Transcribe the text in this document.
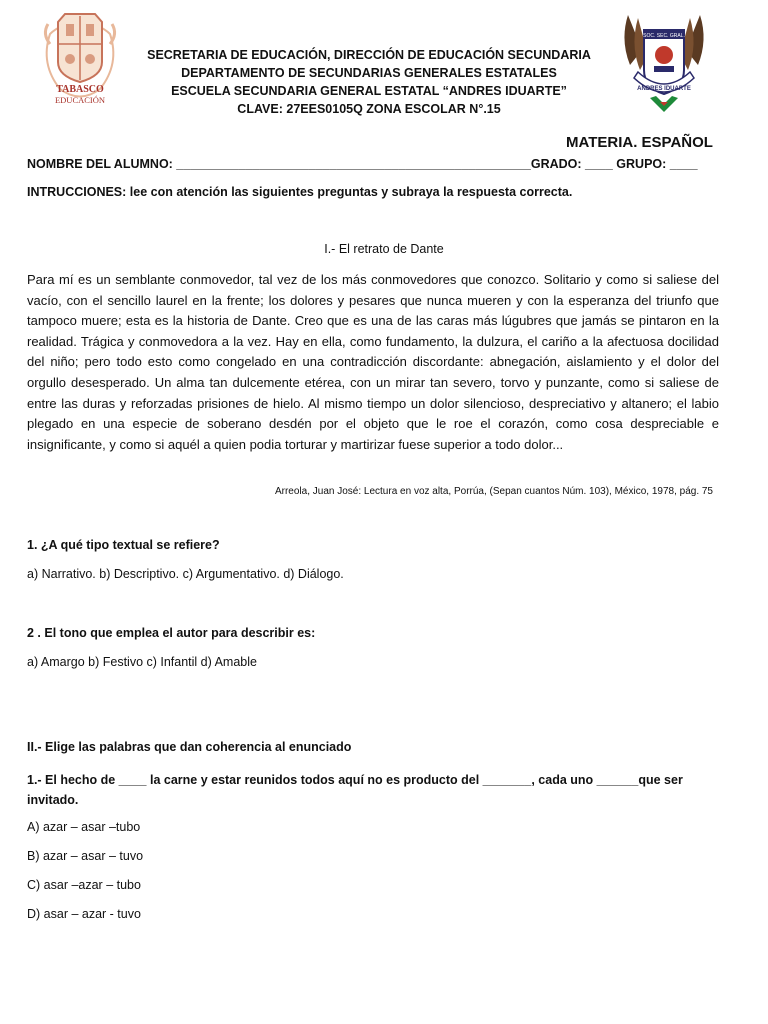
TABASCO
EDUCACIÓN
SOC. SEC. GRAL.
ANDRES IDUARTE
SECRETARIA DE EDUCACIÓN, DIRECCIÓN DE EDUCACIÓN SECUNDARIA
DEPARTAMENTO DE SECUNDARIAS GENERALES ESTATALES
ESCUELA SECUNDARIA GENERAL ESTATAL “ANDRES IDUARTE”
CLAVE: 27EES0105Q ZONA ESCOLAR N°.15
MATERIA. ESPAÑOL
NOMBRE DEL ALUMNO: ___________________________________________________GRADO: ____ GRUPO: ____
INTRUCCIONES: lee con atención las siguientes preguntas y subraya la respuesta correcta.
I.- El retrato de Dante
Para mí es un semblante conmovedor, tal vez de los más conmovedores que conozco. Solitario y como si saliese del vacío, con el sencillo laurel en la frente; los dolores y pesares que nunca mueren y con la esperanza del triunfo que tampoco muere; esta es la historia de Dante. Creo que es una de las caras más lúgubres que jamás se pintaron en la realidad. Trágica y conmovedora a la vez. Hay en ella, como fundamento, la dulzura, el cariño a la afectuosa docilidad del niño; pero todo esto como congelado en una contradicción discordante: abnegación, aislamiento y el dolor del orgullo desesperado. Un alma tan dulcemente etérea, con un mirar tan severo, torvo y punzante, como si saliese de entre las duras y reforzadas prisiones de hielo. Al mismo tiempo un dolor silencioso, despreciativo y altanero; el labio plegado en una especie de soberano desdén por el objeto que le roe el corazón, como cosa despreciable e insignificante, y como si aquél a quien podia torturar y martirizar fuese superior a todo dolor...
Arreola, Juan José: Lectura en voz alta, Porrúa, (Sepan cuantos Núm. 103), México, 1978, pág. 75
1. ¿A qué tipo textual se refiere?
a) Narrativo. b) Descriptivo. c) Argumentativo. d) Diálogo.
2 . El tono que emplea el autor para describir es:
a) Amargo b) Festivo c) Infantil d) Amable
II.- Elige las palabras que dan coherencia al enunciado
1.- El hecho de ____ la carne y estar reunidos todos aquí no es producto del _______, cada uno ______que ser invitado.
A) azar – asar –tubo
B) azar – asar – tuvo
C) asar –azar – tubo
D) asar – azar - tuvo
